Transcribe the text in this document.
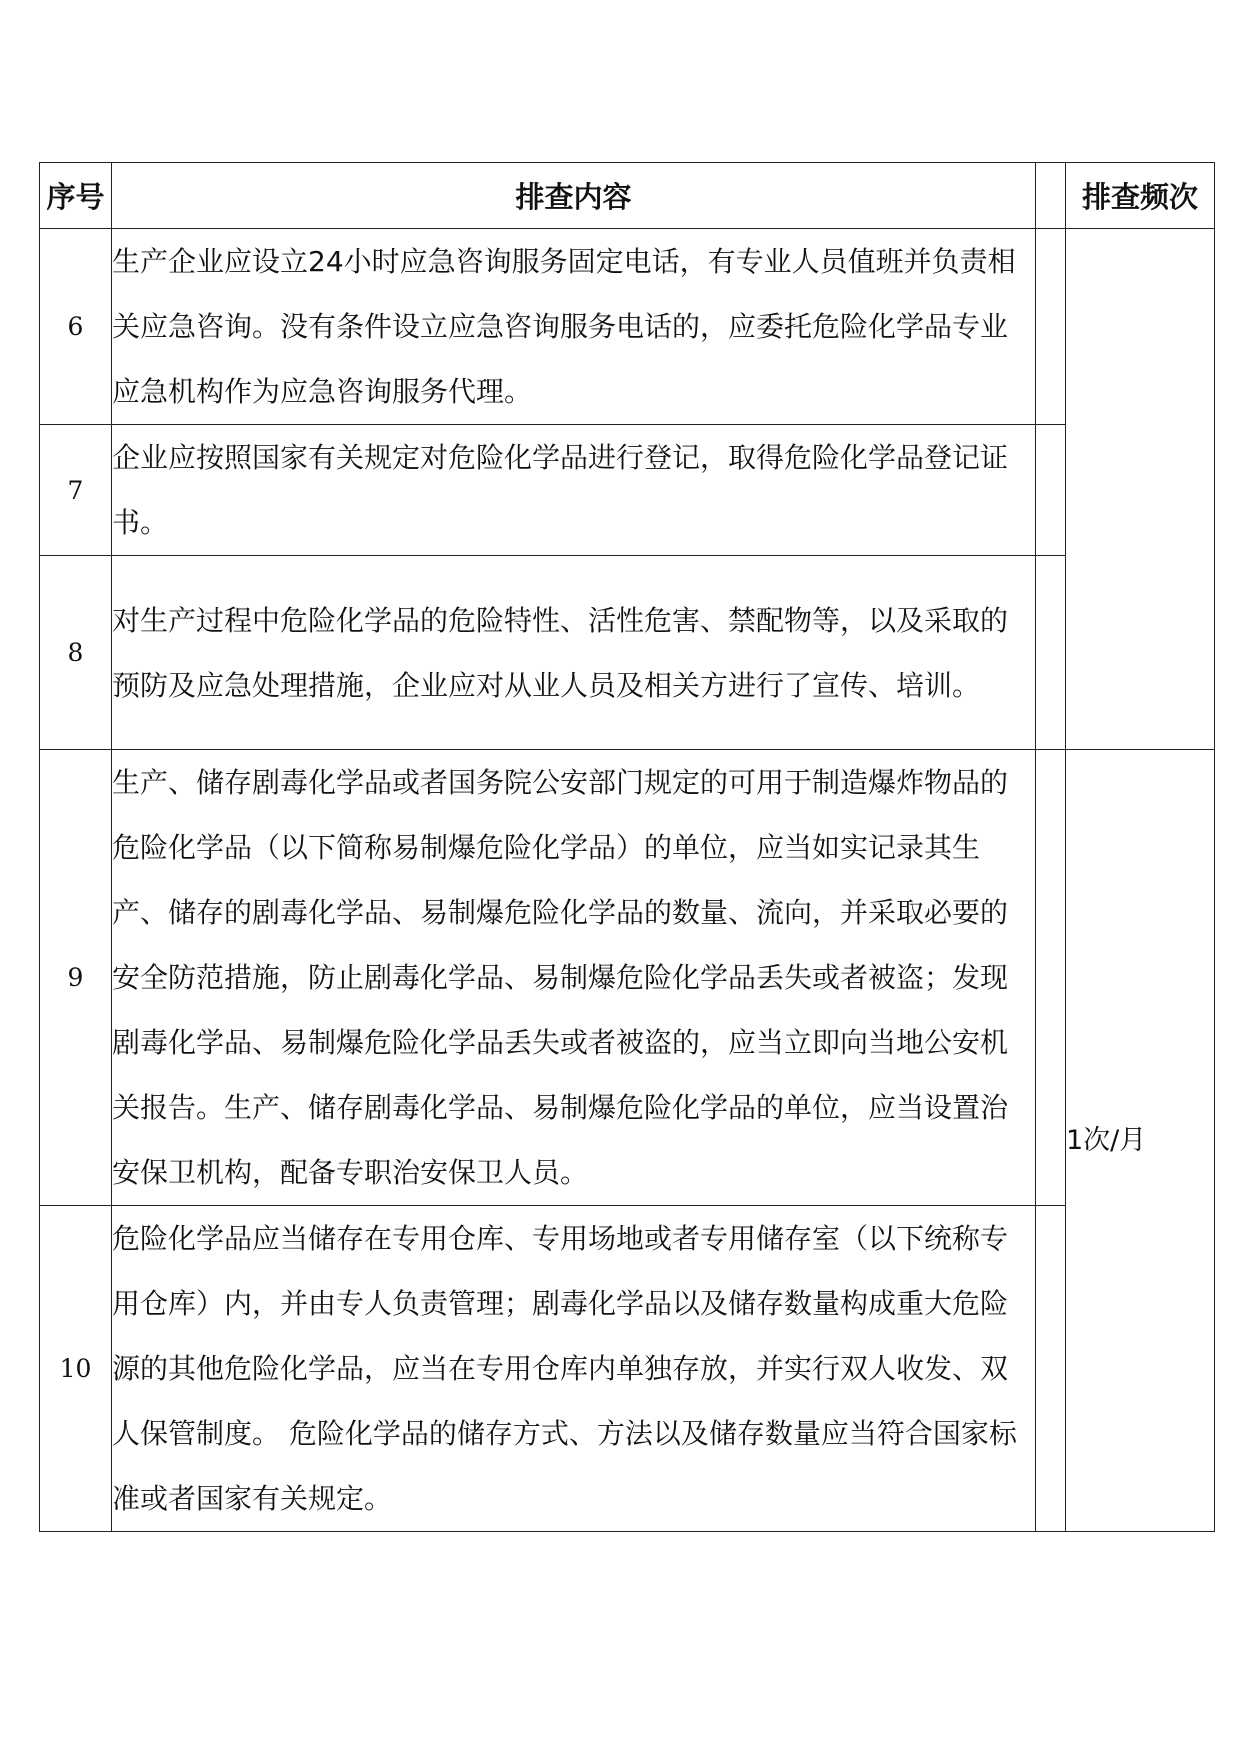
序号	排查内容		排查频次
6	生产企业应设立24小时应急咨询服务固定电话，有专业人员值班并负责相关应急咨询。没有条件设立应急咨询服务电话的，应委托危险化学品专业应急机构作为应急咨询服务代理。		
7	企业应按照国家有关规定对危险化学品进行登记，取得危险化学品登记证书。		
8	对生产过程中危险化学品的危险特性、活性危害、禁配物等，以及采取的预防及应急处理措施，企业应对从业人员及相关方进行了宣传、培训。		
9	生产、储存剧毒化学品或者国务院公安部门规定的可用于制造爆炸物品的危险化学品（以下简称易制爆危险化学品）的单位，应当如实记录其生产、储存的剧毒化学品、易制爆危险化学品的数量、流向，并采取必要的安全防范措施，防止剧毒化学品、易制爆危险化学品丢失或者被盗；发现剧毒化学品、易制爆危险化学品丢失或者被盗的，应当立即向当地公安机关报告。生产、储存剧毒化学品、易制爆危险化学品的单位，应当设置治安保卫机构，配备专职治安保卫人员。		1次/月

10	危险化学品应当储存在专用仓库、专用场地或者专用储存室（以下统称专用仓库）内，并由专人负责管理；剧毒化学品以及储存数量构成重大危险源的其他危险化学品，应当在专用仓库内单独存放，并实行双人收发、双人保管制度。 危险化学品的储存方式、方法以及储存数量应当符合国家标准或者国家有关规定。		
